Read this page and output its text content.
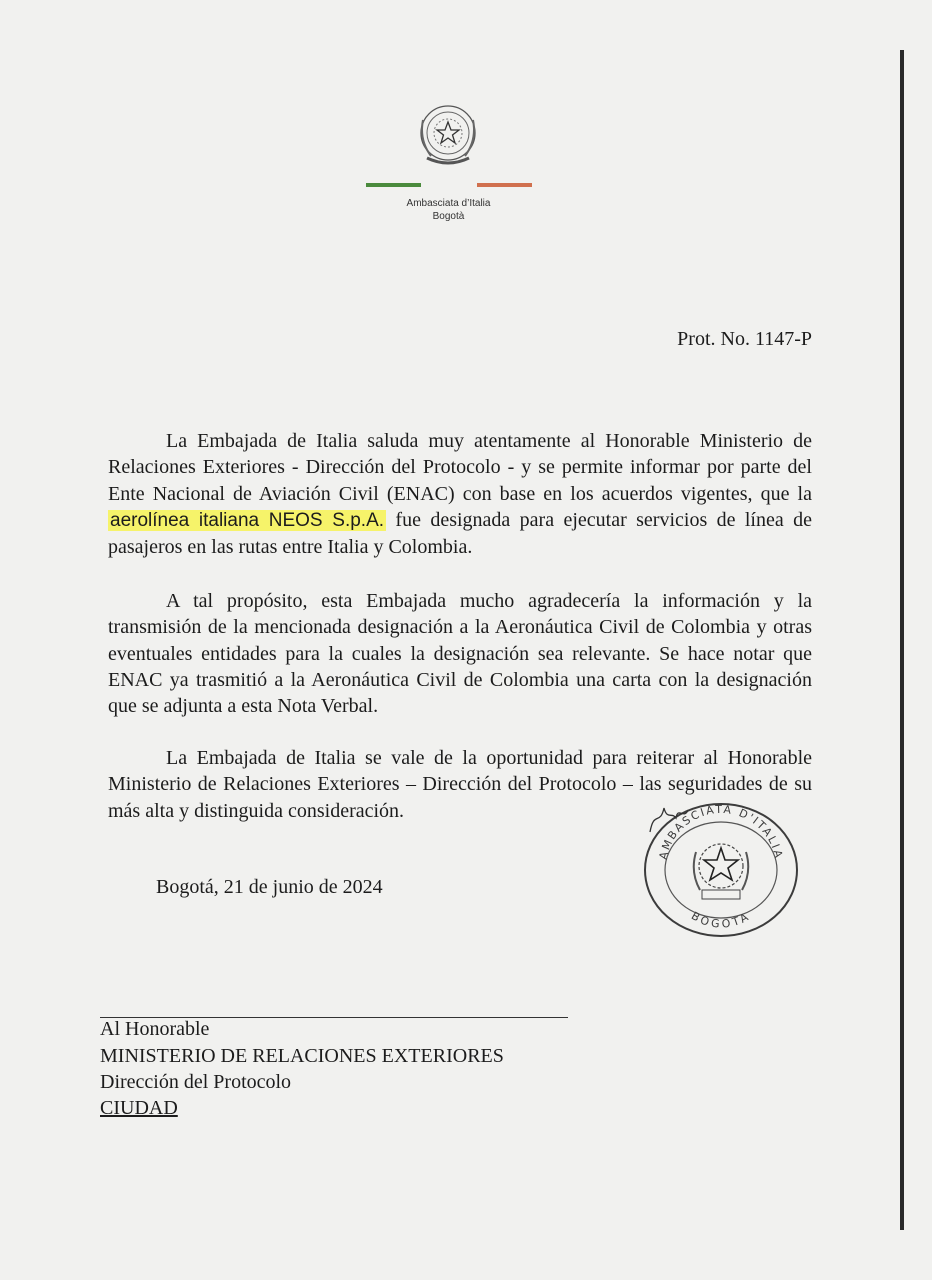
Ambasciata d’Italia
Bogotà
Prot. No. 1147-P

La Embajada de Italia saluda muy atentamente al Honorable Ministerio de Relaciones Exteriores - Dirección del Protocolo - y se permite informar por parte del Ente Nacional de Aviación Civil (ENAC) con base en los acuerdos vigentes, que la aerolínea italiana NEOS S.p.A. fue designada para ejecutar servicios de línea de pasajeros en las rutas entre Italia y Colombia.

A tal propósito, esta Embajada mucho agradecería la información y la transmisión de la mencionada designación a la Aeronáutica Civil de Colombia y otras eventuales entidades para la cuales la designación sea relevante. Se hace notar que ENAC ya trasmitió a la Aeronáutica Civil de Colombia una carta con la designación que se adjunta a esta Nota Verbal.

La Embajada de Italia se vale de la oportunidad para reiterar al Honorable Ministerio de Relaciones Exteriores – Dirección del Protocolo – las seguridades de su más alta y distinguida consideración.

Bogotá, 21 de junio de 2024
AMBASCIATA D'ITALIA
BOGOTA
Al Honorable
MINISTERIO DE RELACIONES EXTERIORES
Dirección del Protocolo
CIUDAD
